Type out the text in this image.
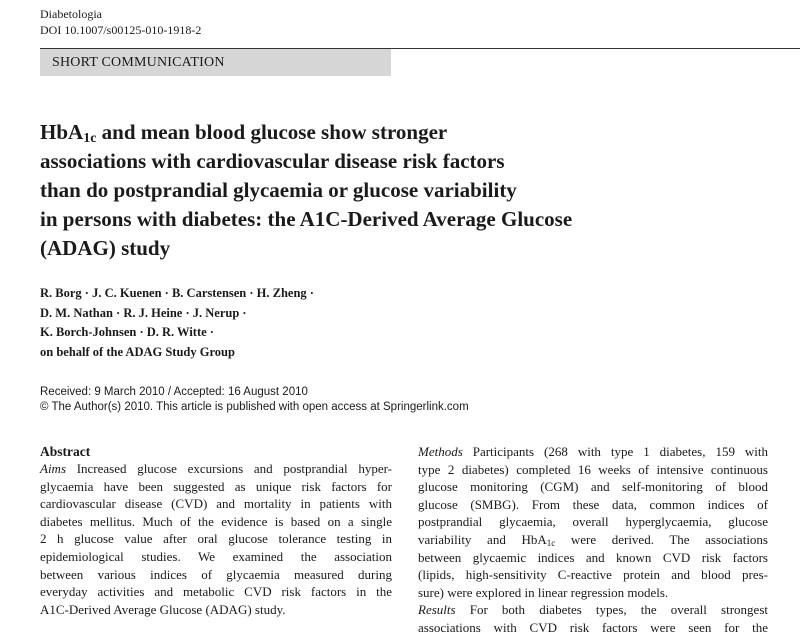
Diabetologia
DOI 10.1007/s00125-010-1918-2
SHORT COMMUNICATION
HbA$_{1c}$ and mean blood glucose show stronger
associations with cardiovascular disease risk factors
than do postprandial glycaemia or glucose variability
in persons with diabetes: the A1C-Derived Average Glucose
(ADAG) study
R. Borg · J. C. Kuenen · B. Carstensen · H. Zheng ·
D. M. Nathan · R. J. Heine · J. Nerup ·
K. Borch-Johnsen · D. R. Witte ·
on behalf of the ADAG Study Group
Received: 9 March 2010 / Accepted: 16 August 2010
© The Author(s) 2010. This article is published with open access at Springerlink.com
Abstract
Aims Increased glucose excursions and postprandial hyper-
glycaemia have been suggested as unique risk factors for
cardiovascular disease (CVD) and mortality in patients with
diabetes mellitus. Much of the evidence is based on a single
2 h glucose value after oral glucose tolerance testing in
epidemiological studies. We examined the association
between various indices of glycaemia measured during
everyday activities and metabolic CVD risk factors in the
A1C-Derived Average Glucose (ADAG) study.
Methods Participants (268 with type 1 diabetes, 159 with
type 2 diabetes) completed 16 weeks of intensive continuous
glucose monitoring (CGM) and self-monitoring of blood
glucose (SMBG). From these data, common indices of
postprandial glycaemia, overall hyperglycaemia, glucose
variability and HbA$_{1c}$ were derived. The associations
between glycaemic indices and known CVD risk factors
(lipids, high-sensitivity C-reactive protein and blood pres-
sure) were explored in linear regression models.
Results For both diabetes types, the overall strongest
associations with CVD risk factors were seen for the
